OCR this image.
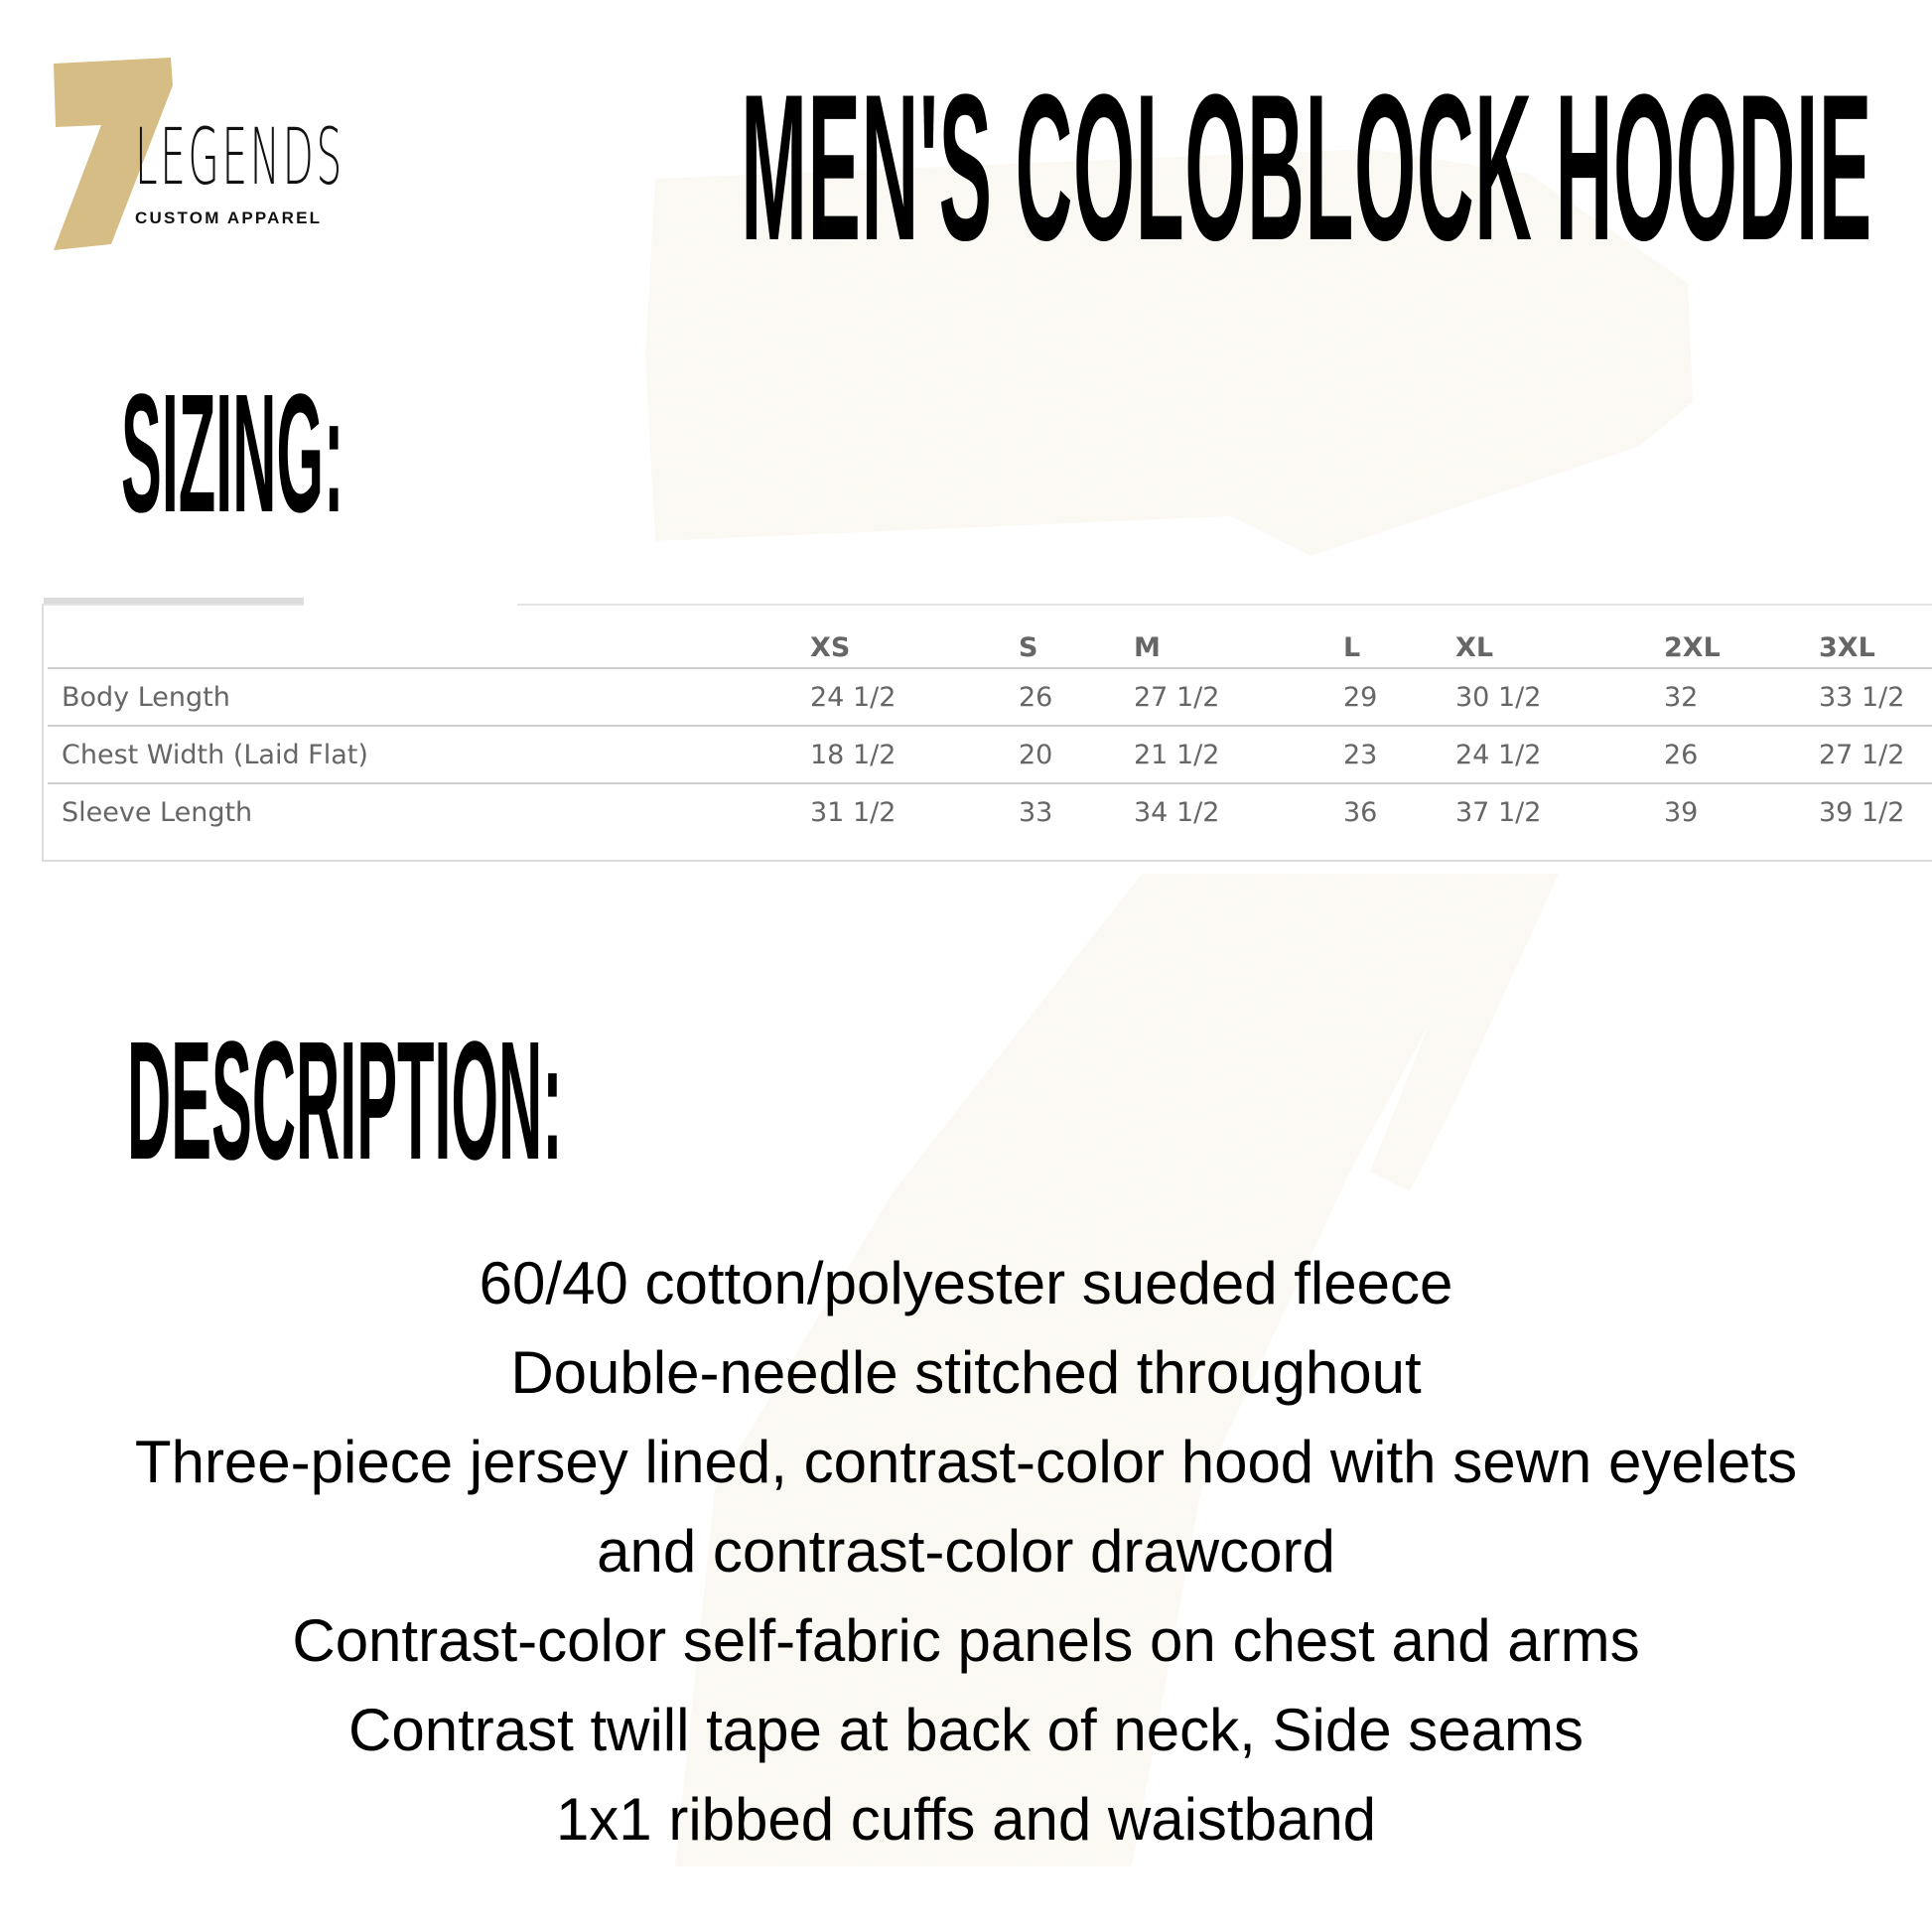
LEGENDS
CUSTOM APPAREL MEN'S COLOBLOCK HOODIE
SIZING:
	XS	S	M	L	XL	2XL	3XL
Body Length	24 1/2	26	27 1/2	29	30 1/2	32	33 1/2
Chest Width (Laid Flat)	18 1/2	20	21 1/2	23	24 1/2	26	27 1/2
Sleeve Length	31 1/2	33	34 1/2	36	37 1/2	39	39 1/2
DESCRIPTION:
60/40 cotton/polyester sueded fleece
Double-needle stitched throughout
Three-piece jersey lined, contrast-color hood with sewn eyelets
and contrast-color drawcord
Contrast-color self-fabric panels on chest and arms
Contrast twill tape at back of neck, Side seams
1x1 ribbed cuffs and waistband
